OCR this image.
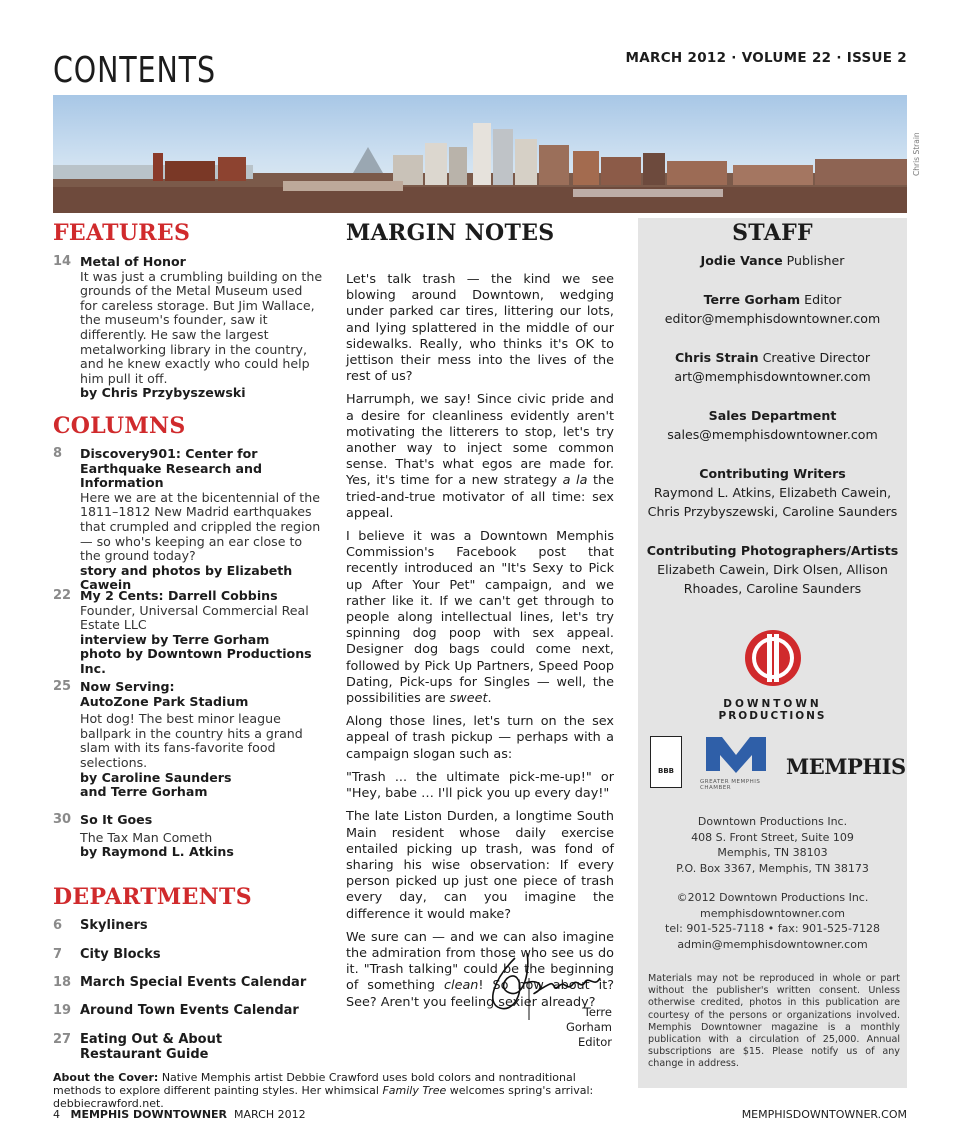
CONTENTS	MARCH 2012 · VOLUME 22 · ISSUE 2
Chris Strain
FEATURES
14 Metal of Honor
It was just a crumbling building on the grounds of the Metal Museum used for careless storage. But Jim Wallace, the museum's founder, saw it differently. He saw the largest metalworking library in the country, and he knew exactly who could help him pull it off.
by Chris Przybyszewski
COLUMNS
8 Discovery901: Center for Earthquake Research and Information
Here we are at the bicentennial of the 1811–1812 New Madrid earthquakes that crumpled and crippled the region — so who's keeping an ear close to the ground today?
story and photos by Elizabeth Cawein
22 My 2 Cents: Darrell Cobbins
Founder, Universal Commercial Real Estate LLC
interview by Terre Gorham
photo by Downtown Productions Inc.
25 Now Serving:
AutoZone Park Stadium
Hot dog! The best minor league ballpark in the country hits a grand slam with its fans-favorite food selections.
by Caroline Saunders
and Terre Gorham
30 So It Goes
The Tax Man Cometh
by Raymond L. Atkins
DEPARTMENTS
6 Skyliners
7 City Blocks
18 March Special Events Calendar
19 Around Town Events Calendar
27 Eating Out & About
Restaurant Guide
MARGIN NOTES

Let's talk trash — the kind we see blowing around Downtown, wedging under parked car tires, littering our lots, and lying splattered in the middle of our sidewalks. Really, who thinks it's OK to jettison their mess into the lives of the rest of us?

Harrumph, we say! Since civic pride and a desire for cleanliness evidently aren't motivating the litterers to stop, let's try another way to inject some common sense. That's what egos are made for. Yes, it's time for a new strategy a la the tried-and-true motivator of all time: sex appeal.

I believe it was a Downtown Memphis Commission's Facebook post that recently introduced an "It's Sexy to Pick up After Your Pet" campaign, and we rather like it. If we can't get through to people along intellectual lines, let's try spinning dog poop with sex appeal. Designer dog bags could come next, followed by Pick Up Partners, Speed Poop Dating, Pick-ups for Singles — well, the possibilities are sweet.

Along those lines, let's turn on the sex appeal of trash pickup — perhaps with a campaign slogan such as:

"Trash ... the ultimate pick-me-up!" or "Hey, babe … I'll pick you up every day!"

The late Liston Durden, a longtime South Main resident whose daily exercise entailed picking up trash, was fond of sharing his wise observation: If every person picked up just one piece of trash every day, can you imagine the difference it would make?

We sure can — and we can also imagine the admiration from those who see us do it. "Trash talking" could be the beginning of something clean! So how about it? See? Aren't you feeling sexier already?

Terre Gorham
Editor
STAFF
Jodie Vance Publisher
Terre Gorham Editor
editor@memphisdowntowner.com
Chris Strain Creative Director
art@memphisdowntowner.com
Sales Department
sales@memphisdowntowner.com
Contributing Writers
Raymond L. Atkins, Elizabeth Cawein,
Chris Przybyszewski, Caroline Saunders
Contributing Photographers/Artists
Elizabeth Cawein, Dirk Olsen, Allison
Rhoades, Caroline Saunders
DOWNTOWN
PRODUCTIONS
BBB
GREATER MEMPHIS CHAMBER
MEMPHIS
Downtown Productions Inc.
408 S. Front Street, Suite 109
Memphis, TN 38103
P.O. Box 3367, Memphis, TN 38173
©2012 Downtown Productions Inc.
memphisdowntowner.com
tel: 901-525-7118 • fax: 901-525-7128
admin@memphisdowntowner.com
Materials may not be reproduced in whole or part without the publisher's written consent. Unless otherwise credited, photos in this publication are courtesy of the persons or organizations involved. Memphis Downtowner magazine is a monthly publication with a circulation of 25,000. Annual subscriptions are $15. Please notify us of any change in address.
About the Cover: Native Memphis artist Debbie Crawford uses bold colors and nontraditional methods to explore different painting styles. Her whimsical Family Tree welcomes spring's arrival: debbiecrawford.net.
4 MEMPHIS DOWNTOWNER MARCH 2012	MEMPHISDOWNTOWNER.COM
